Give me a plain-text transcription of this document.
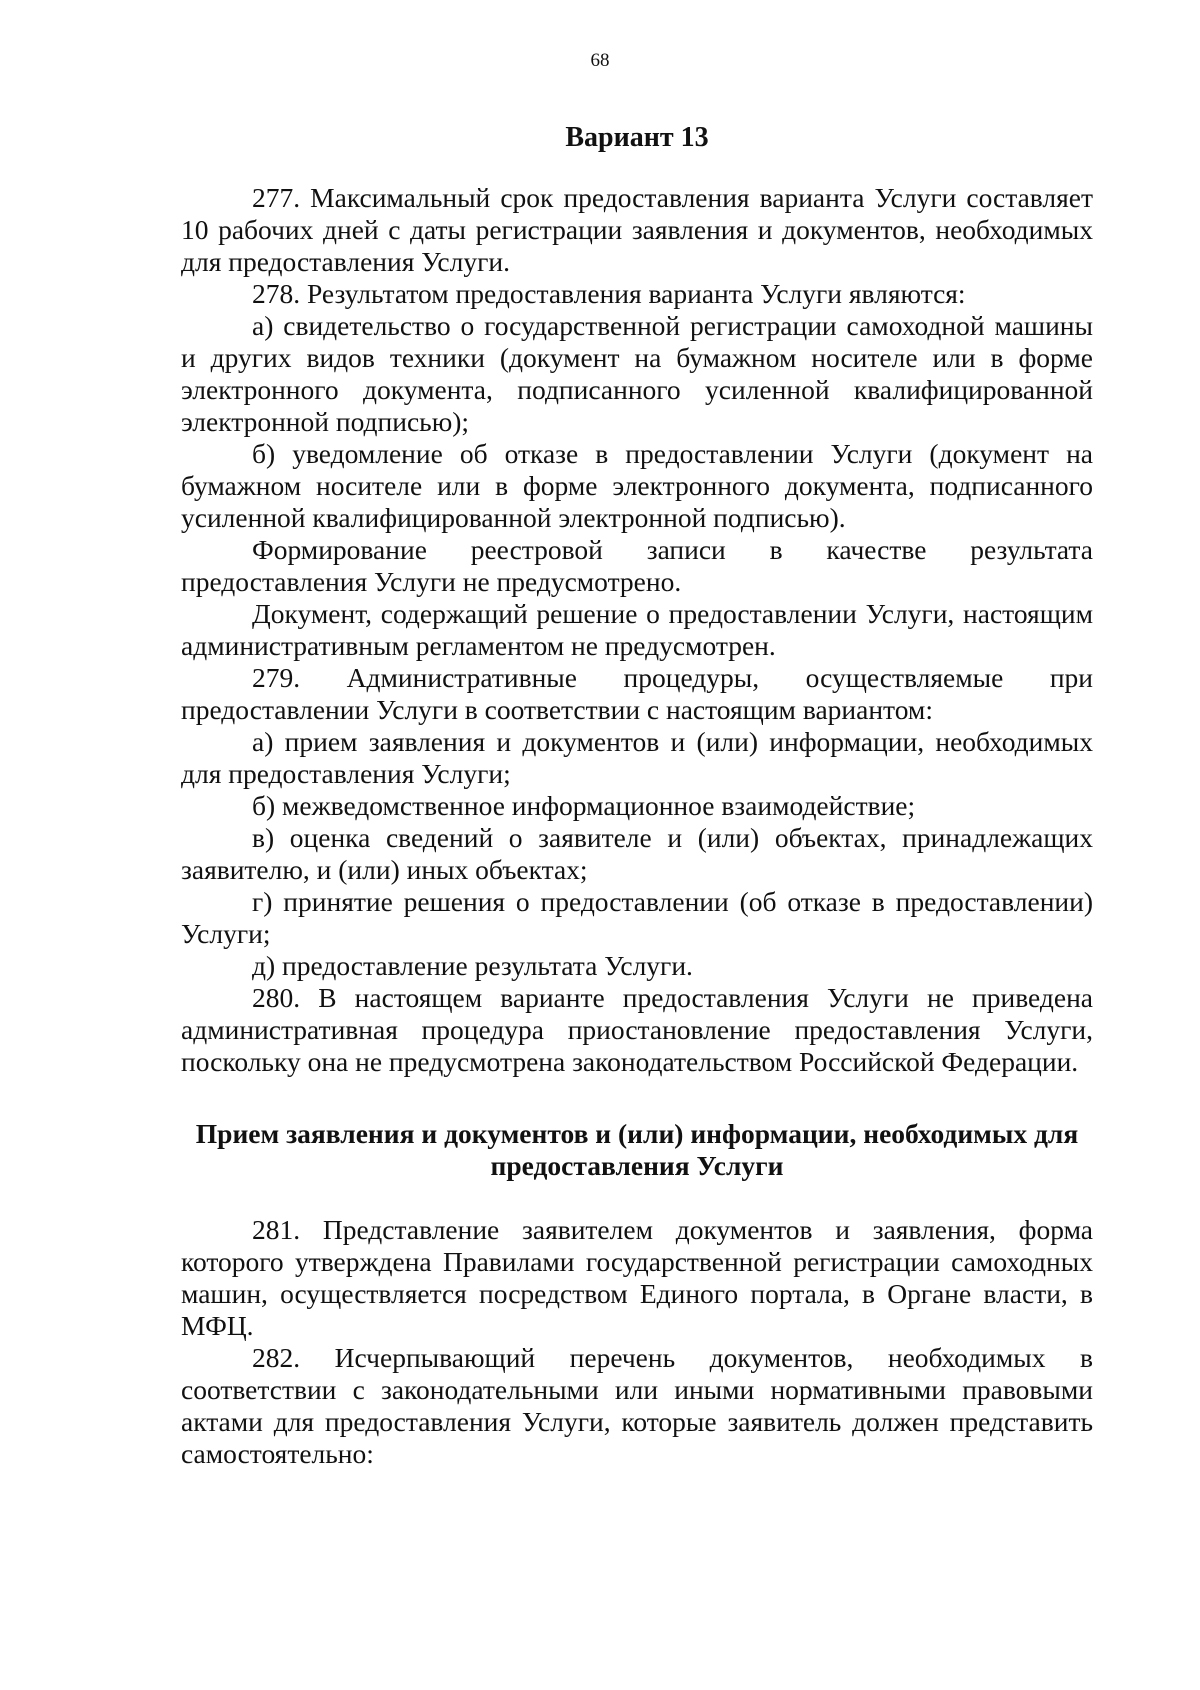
68

Вариант 13

277. Максимальный срок предоставления варианта Услуги составляет 10 рабочих дней с даты регистрации заявления и документов, необходимых для предоставления Услуги.

278. Результатом предоставления варианта Услуги являются:

а) свидетельство о государственной регистрации самоходной машины и других видов техники (документ на бумажном носителе или в форме электронного документа, подписанного усиленной квалифицированной электронной подписью);

б) уведомление об отказе в предоставлении Услуги (документ на бумажном носителе или в форме электронного документа, подписанного усиленной квалифицированной электронной подписью).

Формирование реестровой записи в качестве результата предоставления Услуги не предусмотрено.

Документ, содержащий решение о предоставлении Услуги, настоящим административным регламентом не предусмотрен.

279. Административные процедуры, осуществляемые при предоставлении Услуги в соответствии с настоящим вариантом:

а) прием заявления и документов и (или) информации, необходимых для предоставления Услуги;

б) межведомственное информационное взаимодействие;

в) оценка сведений о заявителе и (или) объектах, принадлежащих заявителю, и (или) иных объектах;

г) принятие решения о предоставлении (об отказе в предоставлении) Услуги;

д) предоставление результата Услуги.

280. В настоящем варианте предоставления Услуги не приведена административная процедура приостановление предоставления Услуги, поскольку она не предусмотрена законодательством Российской Федерации.

Прием заявления и документов и (или) информации, необходимых для предоставления Услуги

281. Представление заявителем документов и заявления, форма которого утверждена Правилами государственной регистрации самоходных машин, осуществляется посредством Единого портала, в Органе власти, в МФЦ.

282. Исчерпывающий перечень документов, необходимых в соответствии с законодательными или иными нормативными правовыми актами для предоставления Услуги, которые заявитель должен представить самостоятельно:
